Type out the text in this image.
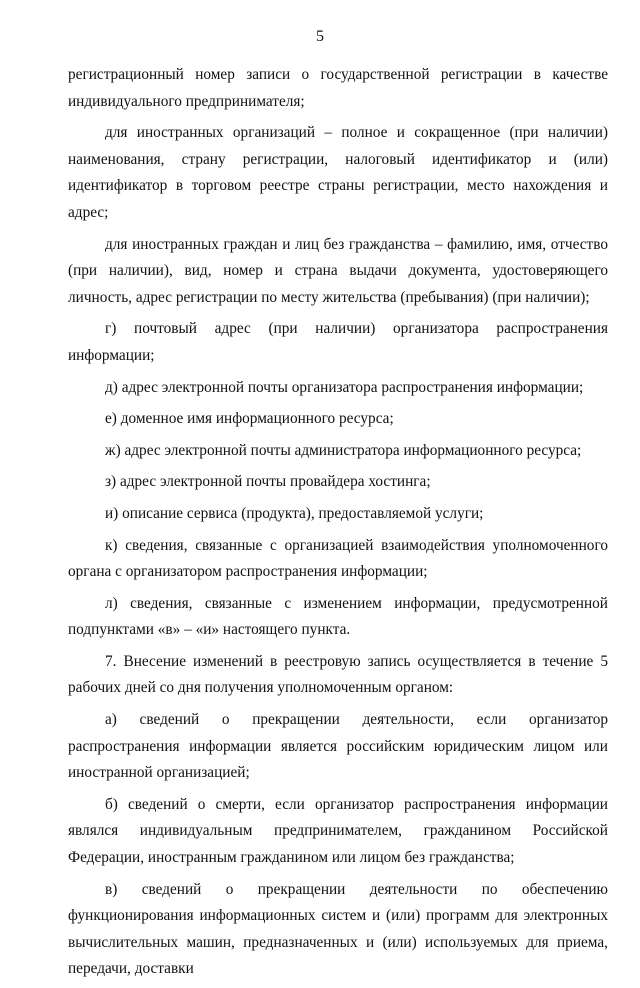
5

регистрационный номер записи о государственной регистрации в качестве индивидуального предпринимателя;

для иностранных организаций – полное и сокращенное (при наличии) наименования, страну регистрации, налоговый идентификатор и (или) идентификатор в торговом реестре страны регистрации, место нахождения и адрес;

для иностранных граждан и лиц без гражданства – фамилию, имя, отчество (при наличии), вид, номер и страна выдачи документа, удостоверяющего личность, адрес регистрации по месту жительства (пребывания) (при наличии);

г) почтовый адрес (при наличии) организатора распространения информации;

д) адрес электронной почты организатора распространения информации;

е) доменное имя информационного ресурса;

ж) адрес электронной почты администратора информационного ресурса;

з) адрес электронной почты провайдера хостинга;

и) описание сервиса (продукта), предоставляемой услуги;

к) сведения, связанные с организацией взаимодействия уполномоченного органа с организатором распространения информации;

л) сведения, связанные с изменением информации, предусмотренной подпунктами «в» – «и» настоящего пункта.

7. Внесение изменений в реестровую запись осуществляется в течение 5 рабочих дней со дня получения уполномоченным органом:

а) сведений о прекращении деятельности, если организатор распространения информации является российским юридическим лицом или иностранной организацией;

б) сведений о смерти, если организатор распространения информации являлся индивидуальным предпринимателем, гражданином Российской Федерации, иностранным гражданином или лицом без гражданства;

в) сведений о прекращении деятельности по обеспечению функционирования информационных систем и (или) программ для электронных вычислительных машин, предназначенных и (или) используемых для приема, передачи, доставки
